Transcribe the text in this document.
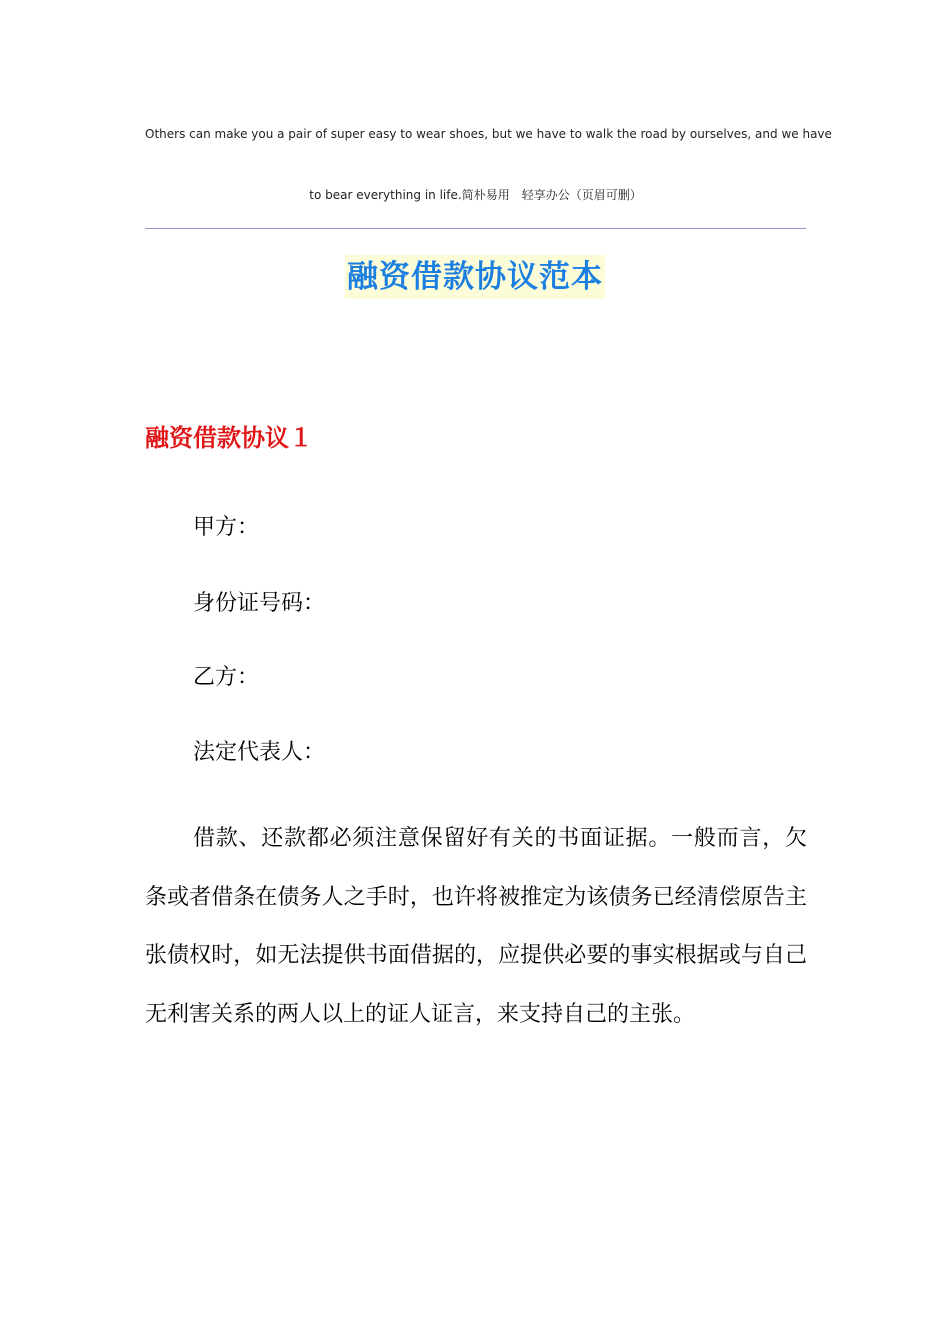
Others can make you a pair of super easy to wear shoes, but we have to walk the road by ourselves, and we have
to bear everything in life.简朴易用　轻享办公（页眉可删）
融资借款协议范本
融资借款协议１
甲方：
身份证号码：
乙方：
法定代表人：

借款、还款都必须注意保留好有关的书面证据。一般而言，欠条或者借条在债务人之手时，也许将被推定为该债务已经清偿原告主张债权时，如无法提供书面借据的，应提供必要的事实根据或与自己无利害关系的两人以上的证人证言，来支持自己的主张。
